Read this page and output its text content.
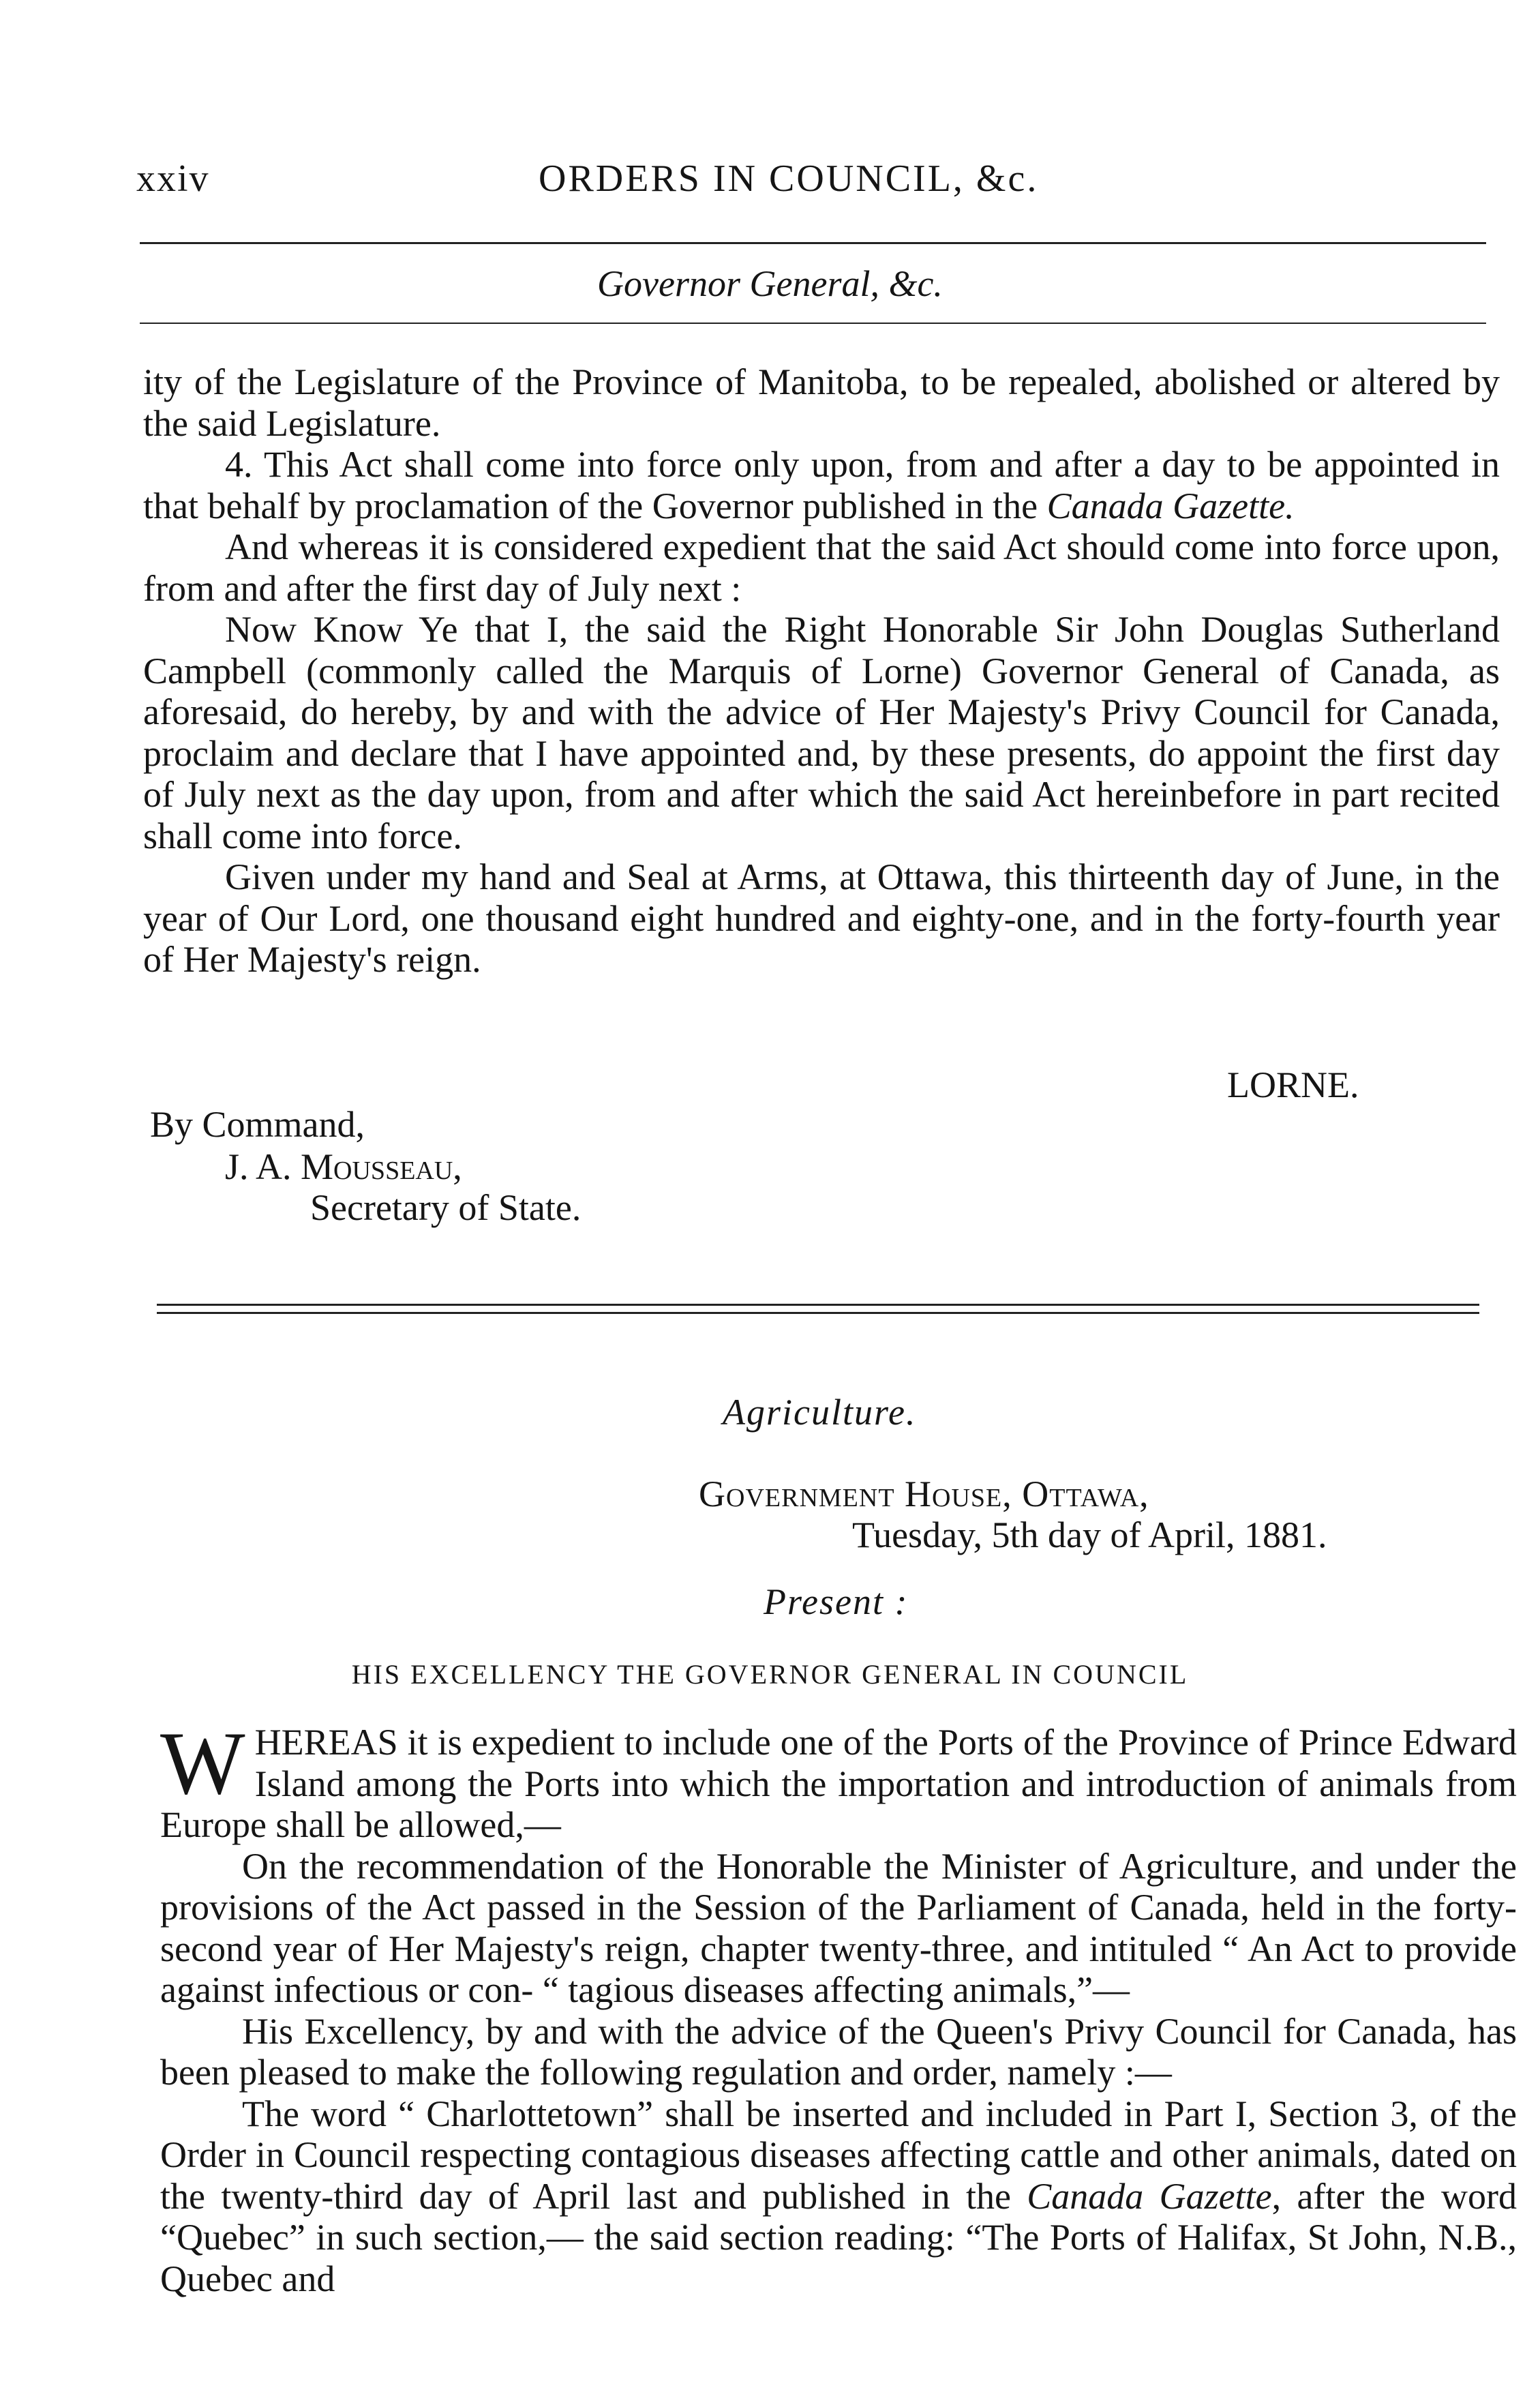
xxiv	ORDERS IN COUNCIL, &c.
Governor General, &c.

ity of the Legislature of the Province of Manitoba, to be repealed, abolished or altered by the said Legislature.

4. This Act shall come into force only upon, from and after a day to be appointed in that behalf by proclamation of the Governor published in the Canada Gazette.

And whereas it is considered expedient that the said Act should come into force upon, from and after the first day of July next :

Now Know Ye that I, the said the Right Honorable Sir John Douglas Sutherland Campbell (commonly called the Marquis of Lorne) Governor General of Canada, as aforesaid, do hereby, by and with the advice of Her Majesty's Privy Council for Canada, proclaim and declare that I have appointed and, by these presents, do appoint the first day of July next as the day upon, from and after which the said Act hereinbefore in part recited shall come into force.

Given under my hand and Seal at Arms, at Ottawa, this thirteenth day of June, in the year of Our Lord, one thousand eight hundred and eighty-one, and in the forty-fourth year of Her Majesty's reign.

LORNE.
By Command,
J. A. Mousseau,
Secretary of State.
Agriculture.
Government House, Ottawa,
Tuesday, 5th day of April, 1881.
Present :
HIS EXCELLENCY THE GOVERNOR GENERAL IN COUNCIL

WHEREAS it is expedient to include one of the Ports of the Province of Prince Edward Island among the Ports into which the importation and introduction of animals from Europe shall be allowed,—

On the recommendation of the Honorable the Minister of Agriculture, and under the provisions of the Act passed in the Session of the Parliament of Canada, held in the forty-second year of Her Majesty's reign, chapter twenty-three, and intituled “ An Act to provide against infectious or con- “ tagious diseases affecting animals,”—

His Excellency, by and with the advice of the Queen's Privy Council for Canada, has been pleased to make the following regulation and order, namely :—

The word “ Charlottetown” shall be inserted and included in Part I, Section 3, of the Order in Council respecting contagious diseases affecting cattle and other animals, dated on the twenty-third day of April last and published in the Canada Gazette, after the word “Quebec” in such section,— the said section reading: “The Ports of Halifax, St John, N.B., Quebec and
